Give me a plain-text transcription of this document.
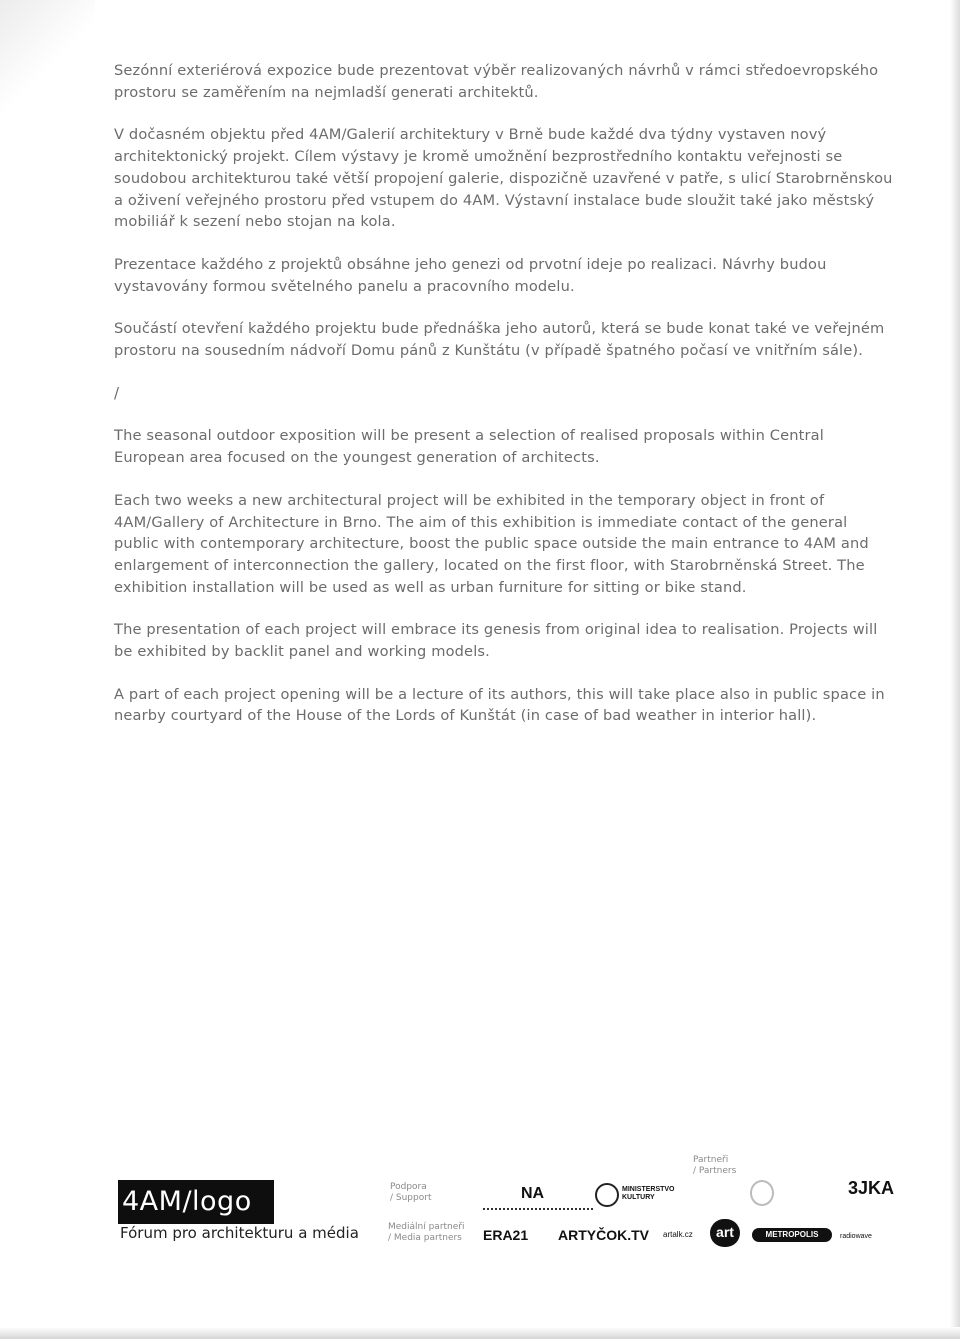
Sezónní exteriérová expozice bude prezentovat výběr realizovaných návrhů v rámci středoevropského prostoru se zaměřením na nejmladší generati architektů.

V dočasném objektu před 4AM/Galerií architektury v Brně bude každé dva týdny vystaven nový architektonický projekt. Cílem výstavy je kromě umožnění bezprostředního kontaktu veřejnosti se soudobou architekturou také větší propojení galerie, dispozičně uzavřené v patře, s ulicí Starobrněnskou a oživení veřejného prostoru před vstupem do 4AM. Výstavní instalace bude sloužit také jako městský mobiliář k sezení nebo stojan na kola.

Prezentace každého z projektů obsáhne jeho genezi od prvotní ideje po realizaci. Návrhy budou vystavovány formou světelného panelu a pracovního modelu.

Součástí otevření každého projektu bude přednáška jeho autorů, která se bude konat také ve veřejném prostoru na sousedním nádvoří Domu pánů z Kunštátu (v případě špatného počasí ve vnitřním sále).

/

The seasonal outdoor exposition will be present a selection of realised proposals within Central European area focused on the youngest generation of architects.

Each two weeks a new architectural project will be exhibited in the temporary object in front of 4AM/Gallery of Architecture in Brno. The aim of this exhibition is immediate contact of the general public with contemporary architecture, boost the public space outside the main entrance to 4AM and enlargement of interconnection the gallery, located on the first floor, with Starobrněnská Street. The exhibition installation will be used as well as urban furniture for sitting or bike stand.

The presentation of each project will embrace its genesis from original idea to realisation. Projects will be exhibited by backlit panel and working models.

A part of each project opening will be a lecture of its authors, this will take place also in public space in nearby courtyard of the House of the Lords of Kunštát (in case of bad weather in interior hall).

4AM/logo
Fórum pro architekturu a média
Podpora
/ Support
Mediální partneři
/ Media partners
Partneři
/ Partners
NA	MINISTERSTVO
KULTURY	3JKA
ERA21 ARTYČOK.TV artalk.cz	art	METROPOLIS	radiowave
